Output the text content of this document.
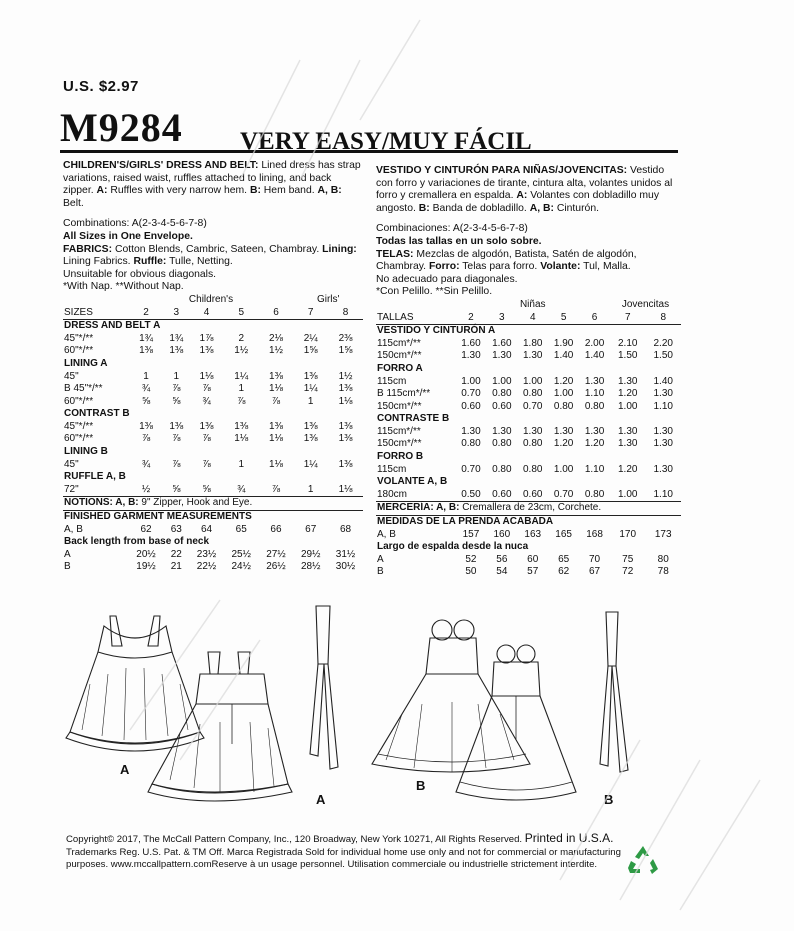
U.S. $2.97
M9284 VERY EASY/MUY FÁCIL
CHILDREN'S/GIRLS' DRESS AND BELT: Lined dress has strap variations, raised waist, ruffles attached to lining, and back zipper. A: Ruffles with very narrow hem. B: Hem band. A, B: Belt.
Combinations: A(2-3-4-5-6-7-8)
All Sizes in One Envelope.
FABRICS: Cotton Blends, Cambric, Sateen, Chambray. Lining: Lining Fabrics. Ruffle: Tulle, Netting.
Unsuitable for obvious diagonals.
*With Nap. **Without Nap.
	Children's					Girls'	
SIZES	2	3	4	5	6	7	8
DRESS AND BELT A							
45"*/**	1¾	1¾	1⅞	2	2⅛	2¼	2⅜
60"*/**	1⅜	1⅜	1⅜	1½	1½	1⅝	1⅝
LINING A							
45"	1	1	1⅛	1¼	1⅜	1⅜	1½
B 45"*/**	¾	⅞	⅞	1	1⅛	1¼	1⅜
60"*/**	⅝	⅝	¾	⅞	⅞	1	1⅛
CONTRAST B							
45"*/**	1⅜	1⅜	1⅜	1⅜	1⅜	1⅜	1⅜
60"*/**	⅞	⅞	⅞	1⅛	1⅛	1⅜	1⅜
LINING B							
45"	¾	⅞	⅞	1	1⅛	1¼	1⅜
RUFFLE A, B							
72"	½	⅝	⅝	¾	⅞	1	1⅛
NOTIONS: A, B: 9" Zipper, Hook and Eye.							
FINISHED GARMENT MEASUREMENTS							
A, B	62	63	64	65	66	67	68
Back length from base of neck							
A	20½	22	23½	25½	27½	29½	31½
B	19½	21	22½	24½	26½	28½	30½
VESTIDO Y CINTURÓN PARA NIÑAS/JOVENCITAS: Vestido con forro y variaciones de tirante, cintura alta, volantes unidos al forro y cremallera en espalda. A: Volantes con dobladillo muy angosto. B: Banda de dobladillo. A, B: Cinturón.
Combinaciones: A(2-3-4-5-6-7-8)
Todas las tallas en un solo sobre.
TELAS: Mezclas de algodón, Batista, Satén de algodón, Chambray. Forro: Telas para forro. Volante: Tul, Malla.
No adecuado para diagonales.
*Con Pelillo. **Sin Pelillo.
	Niñas					Jovencitas	
TALLAS	2	3	4	5	6	7	8
VESTIDO Y CINTURÓN A							
115cm*/**	1.60	1.60	1.80	1.90	2.00	2.10	2.20
150cm*/**	1.30	1.30	1.30	1.40	1.40	1.50	1.50
FORRO A							
115cm	1.00	1.00	1.00	1.20	1.30	1.30	1.40
B 115cm*/**	0.70	0.80	0.80	1.00	1.10	1.20	1.30
150cm*/**	0.60	0.60	0.70	0.80	0.80	1.00	1.10
CONTRASTE B							
115cm*/**	1.30	1.30	1.30	1.30	1.30	1.30	1.30
150cm*/**	0.80	0.80	0.80	1.20	1.20	1.30	1.30
FORRO B							
115cm	0.70	0.80	0.80	1.00	1.10	1.20	1.30
VOLANTE A, B							
180cm	0.50	0.60	0.60	0.70	0.80	1.00	1.10
MERCERÍA: A, B: Cremallera de 23cm, Corchete.							
MEDIDAS DE LA PRENDA ACABADA							
A, B	157	160	163	165	168	170	173
Largo de espalda desde la nuca							
A	52	56	60	65	70	75	80
B	50	54	57	62	67	72	78
A
A
B
B
Copyright© 2017, The McCall Pattern Company, Inc., 120 Broadway, New York 10271, All Rights Reserved. Printed in U.S.A.
Trademarks Reg. U.S. Pat. & TM Off. Marca Registrada Sold for individual home use only and not for commercial or manufacturing purposes. www.mccallpattern.comReserve à un usage personnel. Utilisation commerciale ou industrielle strictement interdite.
